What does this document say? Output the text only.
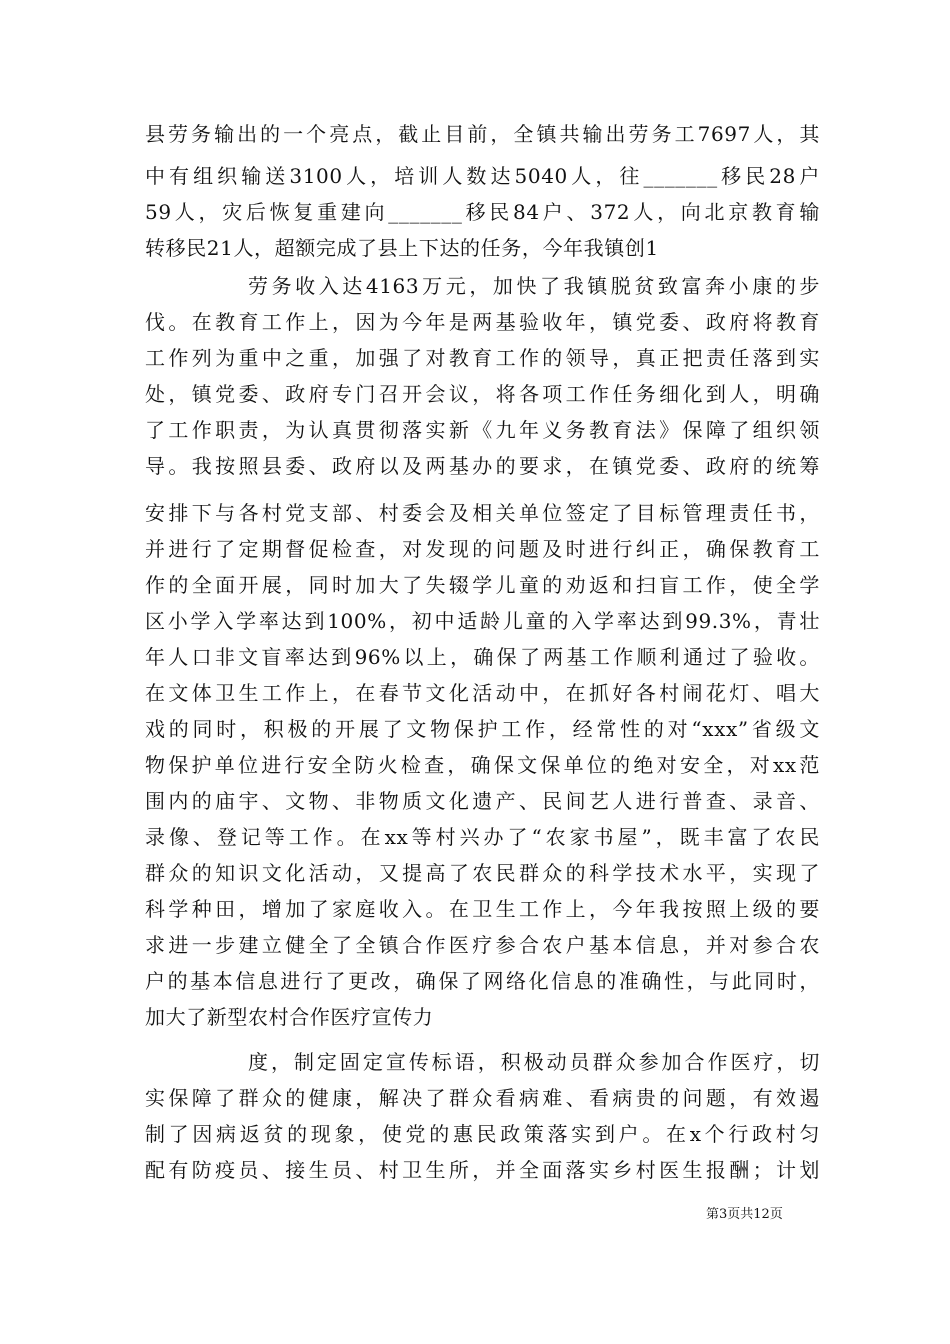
县劳务输出的一个亮点，截止目前，全镇共输出劳务工7697人，其
中有组织输送3100人，培训人数达5040人，往_______移民28户
59人，灾后恢复重建向_______移民84户、372人，向北京教育输
转移民21人，超额完成了县上下达的任务，今年我镇创1
劳务收入达4163万元，加快了我镇脱贫致富奔小康的步
伐。在教育工作上，因为今年是两基验收年，镇党委、政府将教育
工作列为重中之重，加强了对教育工作的领导，真正把责任落到实
处，镇党委、政府专门召开会议，将各项工作任务细化到人，明确
了工作职责，为认真贯彻落实新《九年义务教育法》保障了组织领
导。我按照县委、政府以及两基办的要求，在镇党委、政府的统筹
安排下与各村党支部、村委会及相关单位签定了目标管理责任书，
并进行了定期督促检查，对发现的问题及时进行纠正，确保教育工
作的全面开展，同时加大了失辍学儿童的劝返和扫盲工作，使全学
区小学入学率达到100%，初中适龄儿童的入学率达到99.3%，青壮
年人口非文盲率达到96%以上，确保了两基工作顺利通过了验收。
在文体卫生工作上，在春节文化活动中，在抓好各村闹花灯、唱大
戏的同时，积极的开展了文物保护工作，经常性的对“xxx”省级文
物保护单位进行安全防火检查，确保文保单位的绝对安全，对xx范
围内的庙宇、文物、非物质文化遗产、民间艺人进行普查、录音、
录像、登记等工作。在xx等村兴办了“农家书屋”，既丰富了农民
群众的知识文化活动，又提高了农民群众的科学技术水平，实现了
科学种田，增加了家庭收入。在卫生工作上，今年我按照上级的要
求进一步建立健全了全镇合作医疗参合农户基本信息，并对参合农
户的基本信息进行了更改，确保了网络化信息的准确性，与此同时，
加大了新型农村合作医疗宣传力
度，制定固定宣传标语，积极动员群众参加合作医疗，切
实保障了群众的健康，解决了群众看病难、看病贵的问题，有效遏
制了因病返贫的现象，使党的惠民政策落实到户。在x个行政村匀
配有防疫员、接生员、村卫生所，并全面落实乡村医生报酬；计划
第3页共12页
